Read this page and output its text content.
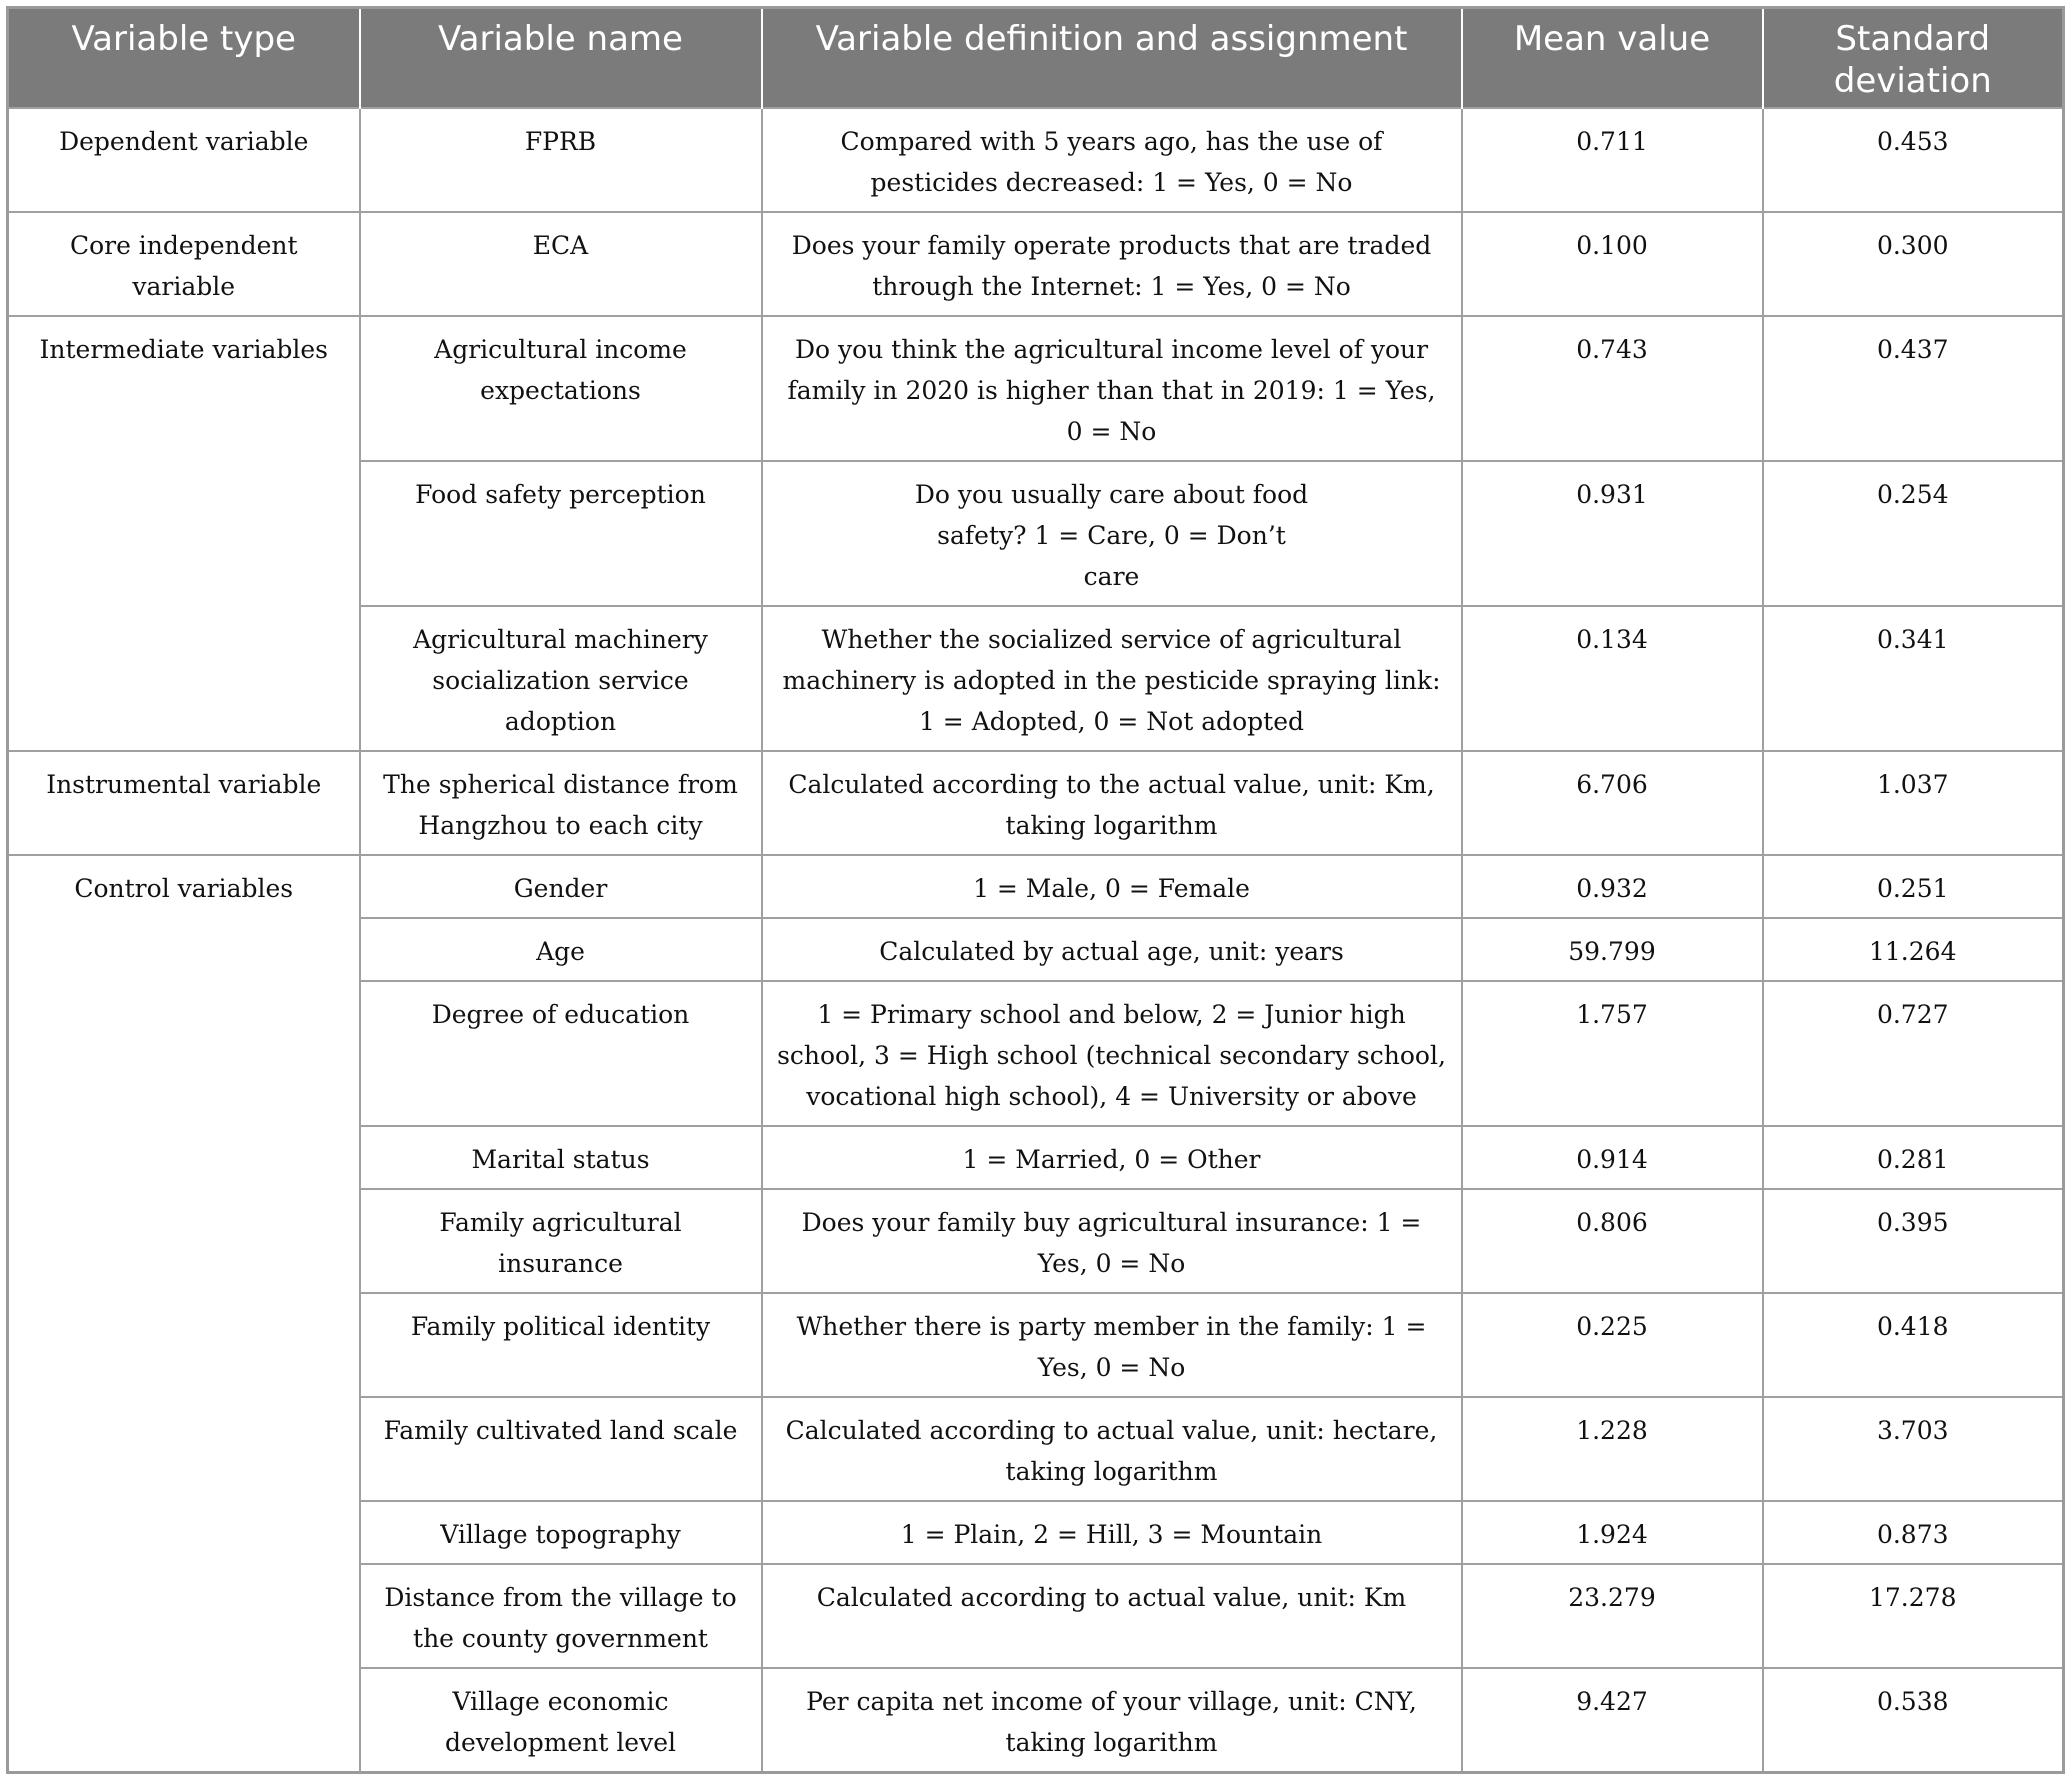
Variable type	Variable name	Variable definition and assignment	Mean value	Standard deviation
Dependent variable	FPRB	Compared with 5 years ago, has the use of pesticides decreased: 1 = Yes, 0 = No	0.711	0.453
Core independent variable	ECA	Does your family operate products that are traded through the Internet: 1 = Yes, 0 = No	0.100	0.300
Intermediate variables	Agricultural income expectations	Do you think the agricultural income level of your family in 2020 is higher than that in 2019: 1 = Yes, 0 = No	0.743	0.437
	Food safety perception	Do you usually care about food safety? 1 = Care, 0 = Don’t care	0.931	0.254
	Agricultural machinery socialization service adoption	Whether the socialized service of agricultural machinery is adopted in the pesticide spraying link: 1 = Adopted, 0 = Not adopted	0.134	0.341
Instrumental variable	The spherical distance from Hangzhou to each city	Calculated according to the actual value, unit: Km, taking logarithm	6.706	1.037
Control variables	Gender	1 = Male, 0 = Female	0.932	0.251
	Age	Calculated by actual age, unit: years	59.799	11.264
	Degree of education	1 = Primary school and below, 2 = Junior high school, 3 = High school (technical secondary school, vocational high school), 4 = University or above	1.757	0.727
	Marital status	1 = Married, 0 = Other	0.914	0.281
	Family agricultural insurance	Does your family buy agricultural insurance: 1 = Yes, 0 = No	0.806	0.395
	Family political identity	Whether there is party member in the family: 1 = Yes, 0 = No	0.225	0.418
	Family cultivated land scale	Calculated according to actual value, unit: hectare, taking logarithm	1.228	3.703
	Village topography	1 = Plain, 2 = Hill, 3 = Mountain	1.924	0.873
	Distance from the village to the county government	Calculated according to actual value, unit: Km	23.279	17.278
	Village economic development level	Per capita net income of your village, unit: CNY, taking logarithm	9.427	0.538
